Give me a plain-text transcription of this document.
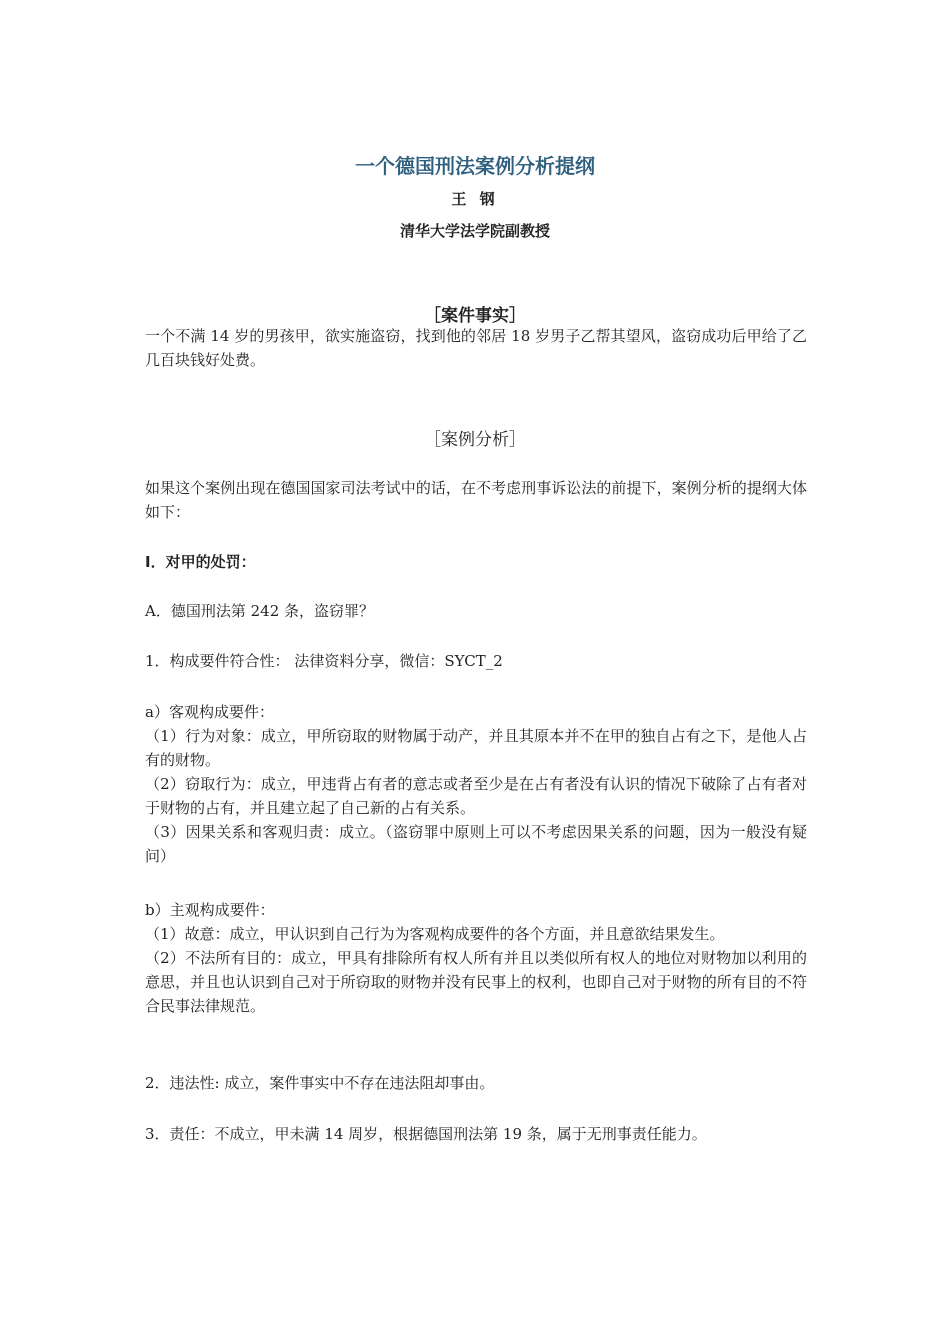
一个德国刑法案例分析提纲
王 钢
清华大学法学院副教授
［案件事实］
一个不满 14 岁的男孩甲，欲实施盗窃，找到他的邻居 18 岁男子乙帮其望风，盗窃成功后甲给了乙几百块钱好处费。
［案例分析］
如果这个案例出现在德国国家司法考试中的话，在不考虑刑事诉讼法的前提下，案例分析的提纲大体如下：
I．对甲的处罚：
A．德国刑法第 242 条，盗窃罪？
1．构成要件符合性： 法律资料分享，微信：SYCT_2
a）客观构成要件：
（1）行为对象：成立，甲所窃取的财物属于动产，并且其原本并不在甲的独自占有之下，是他人占有的财物。
（2）窃取行为：成立，甲违背占有者的意志或者至少是在占有者没有认识的情况下破除了占有者对于财物的占有，并且建立起了自己新的占有关系。
（3）因果关系和客观归责：成立。（盗窃罪中原则上可以不考虑因果关系的问题，因为一般没有疑问）
b）主观构成要件：
（1）故意：成立，甲认识到自己行为为客观构成要件的各个方面，并且意欲结果发生。
（2）不法所有目的：成立，甲具有排除所有权人所有并且以类似所有权人的地位对财物加以利用的意思，并且也认识到自己对于所窃取的财物并没有民事上的权利，也即自己对于财物的所有目的不符合民事法律规范。
2．违法性: 成立，案件事实中不存在违法阻却事由。
3．责任：不成立，甲未满 14 周岁，根据德国刑法第 19 条，属于无刑事责任能力。
